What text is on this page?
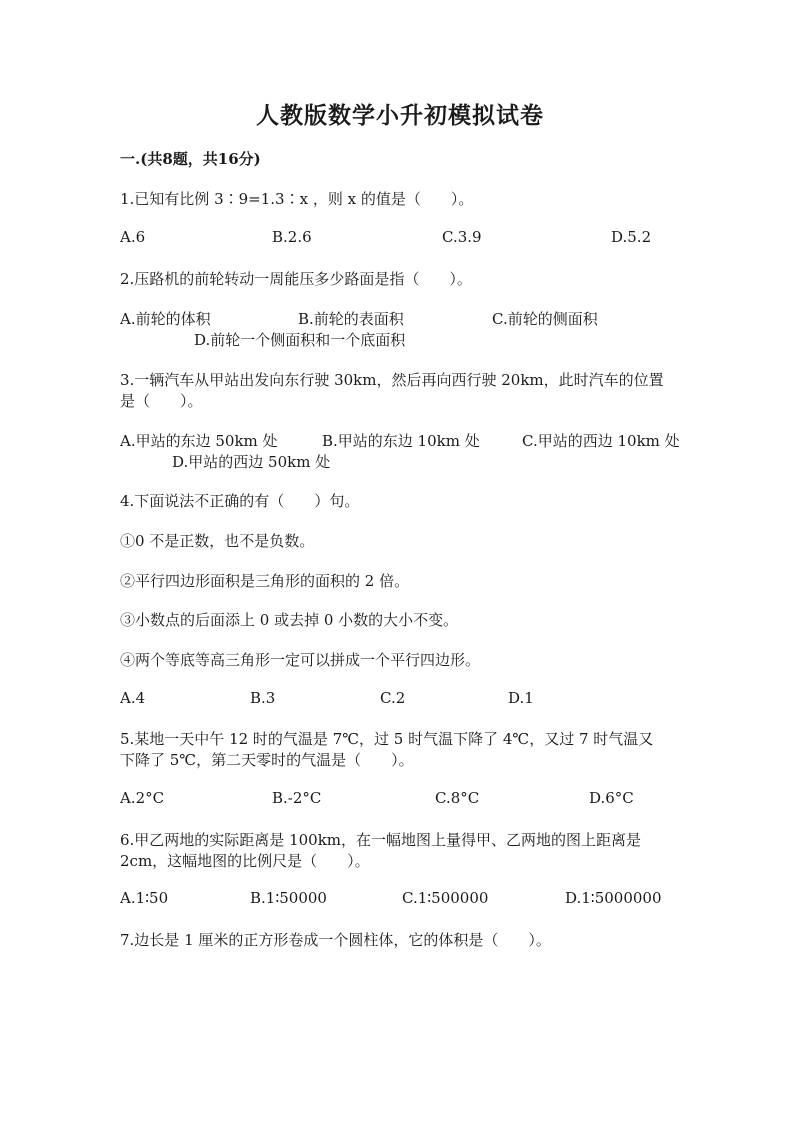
人教版数学小升初模拟试卷
一.(共8题，共16分)
1.已知有比例 3∶9=1.3∶x ，则 x 的值是（　　）。
A.6	B.2.6	C.3.9	D.5.2
2.压路机的前轮转动一周能压多少路面是指（　　）。
A.前轮的体积	B.前轮的表面积	C.前轮的侧面积
D.前轮一个侧面积和一个底面积
3.一辆汽车从甲站出发向东行驶 30km，然后再向西行驶 20km，此时汽车的位置
是（　　）。
A.甲站的东边 50km 处	B.甲站的东边 10km 处	C.甲站的西边 10km 处
D.甲站的西边 50km 处
4.下面说法不正确的有（　　）句。
①0 不是正数，也不是负数。
②平行四边形面积是三角形的面积的 2 倍。
③小数点的后面添上 0 或去掉 0 小数的大小不变。
④两个等底等高三角形一定可以拼成一个平行四边形。
A.4	B.3	C.2	D.1
5.某地一天中午 12 时的气温是 7℃，过 5 时气温下降了 4℃，又过 7 时气温又
下降了 5℃，第二天零时的气温是（　　）。
A.2°C	B.-2°C	C.8°C	D.6°C
6.甲乙两地的实际距离是 100km，在一幅地图上量得甲、乙两地的图上距离是
2cm，这幅地图的比例尺是（　　）。
A.1∶50	B.1∶50000	C.1∶500000	D.1∶5000000
7.边长是 1 厘米的正方形卷成一个圆柱体，它的体积是（　　）。
